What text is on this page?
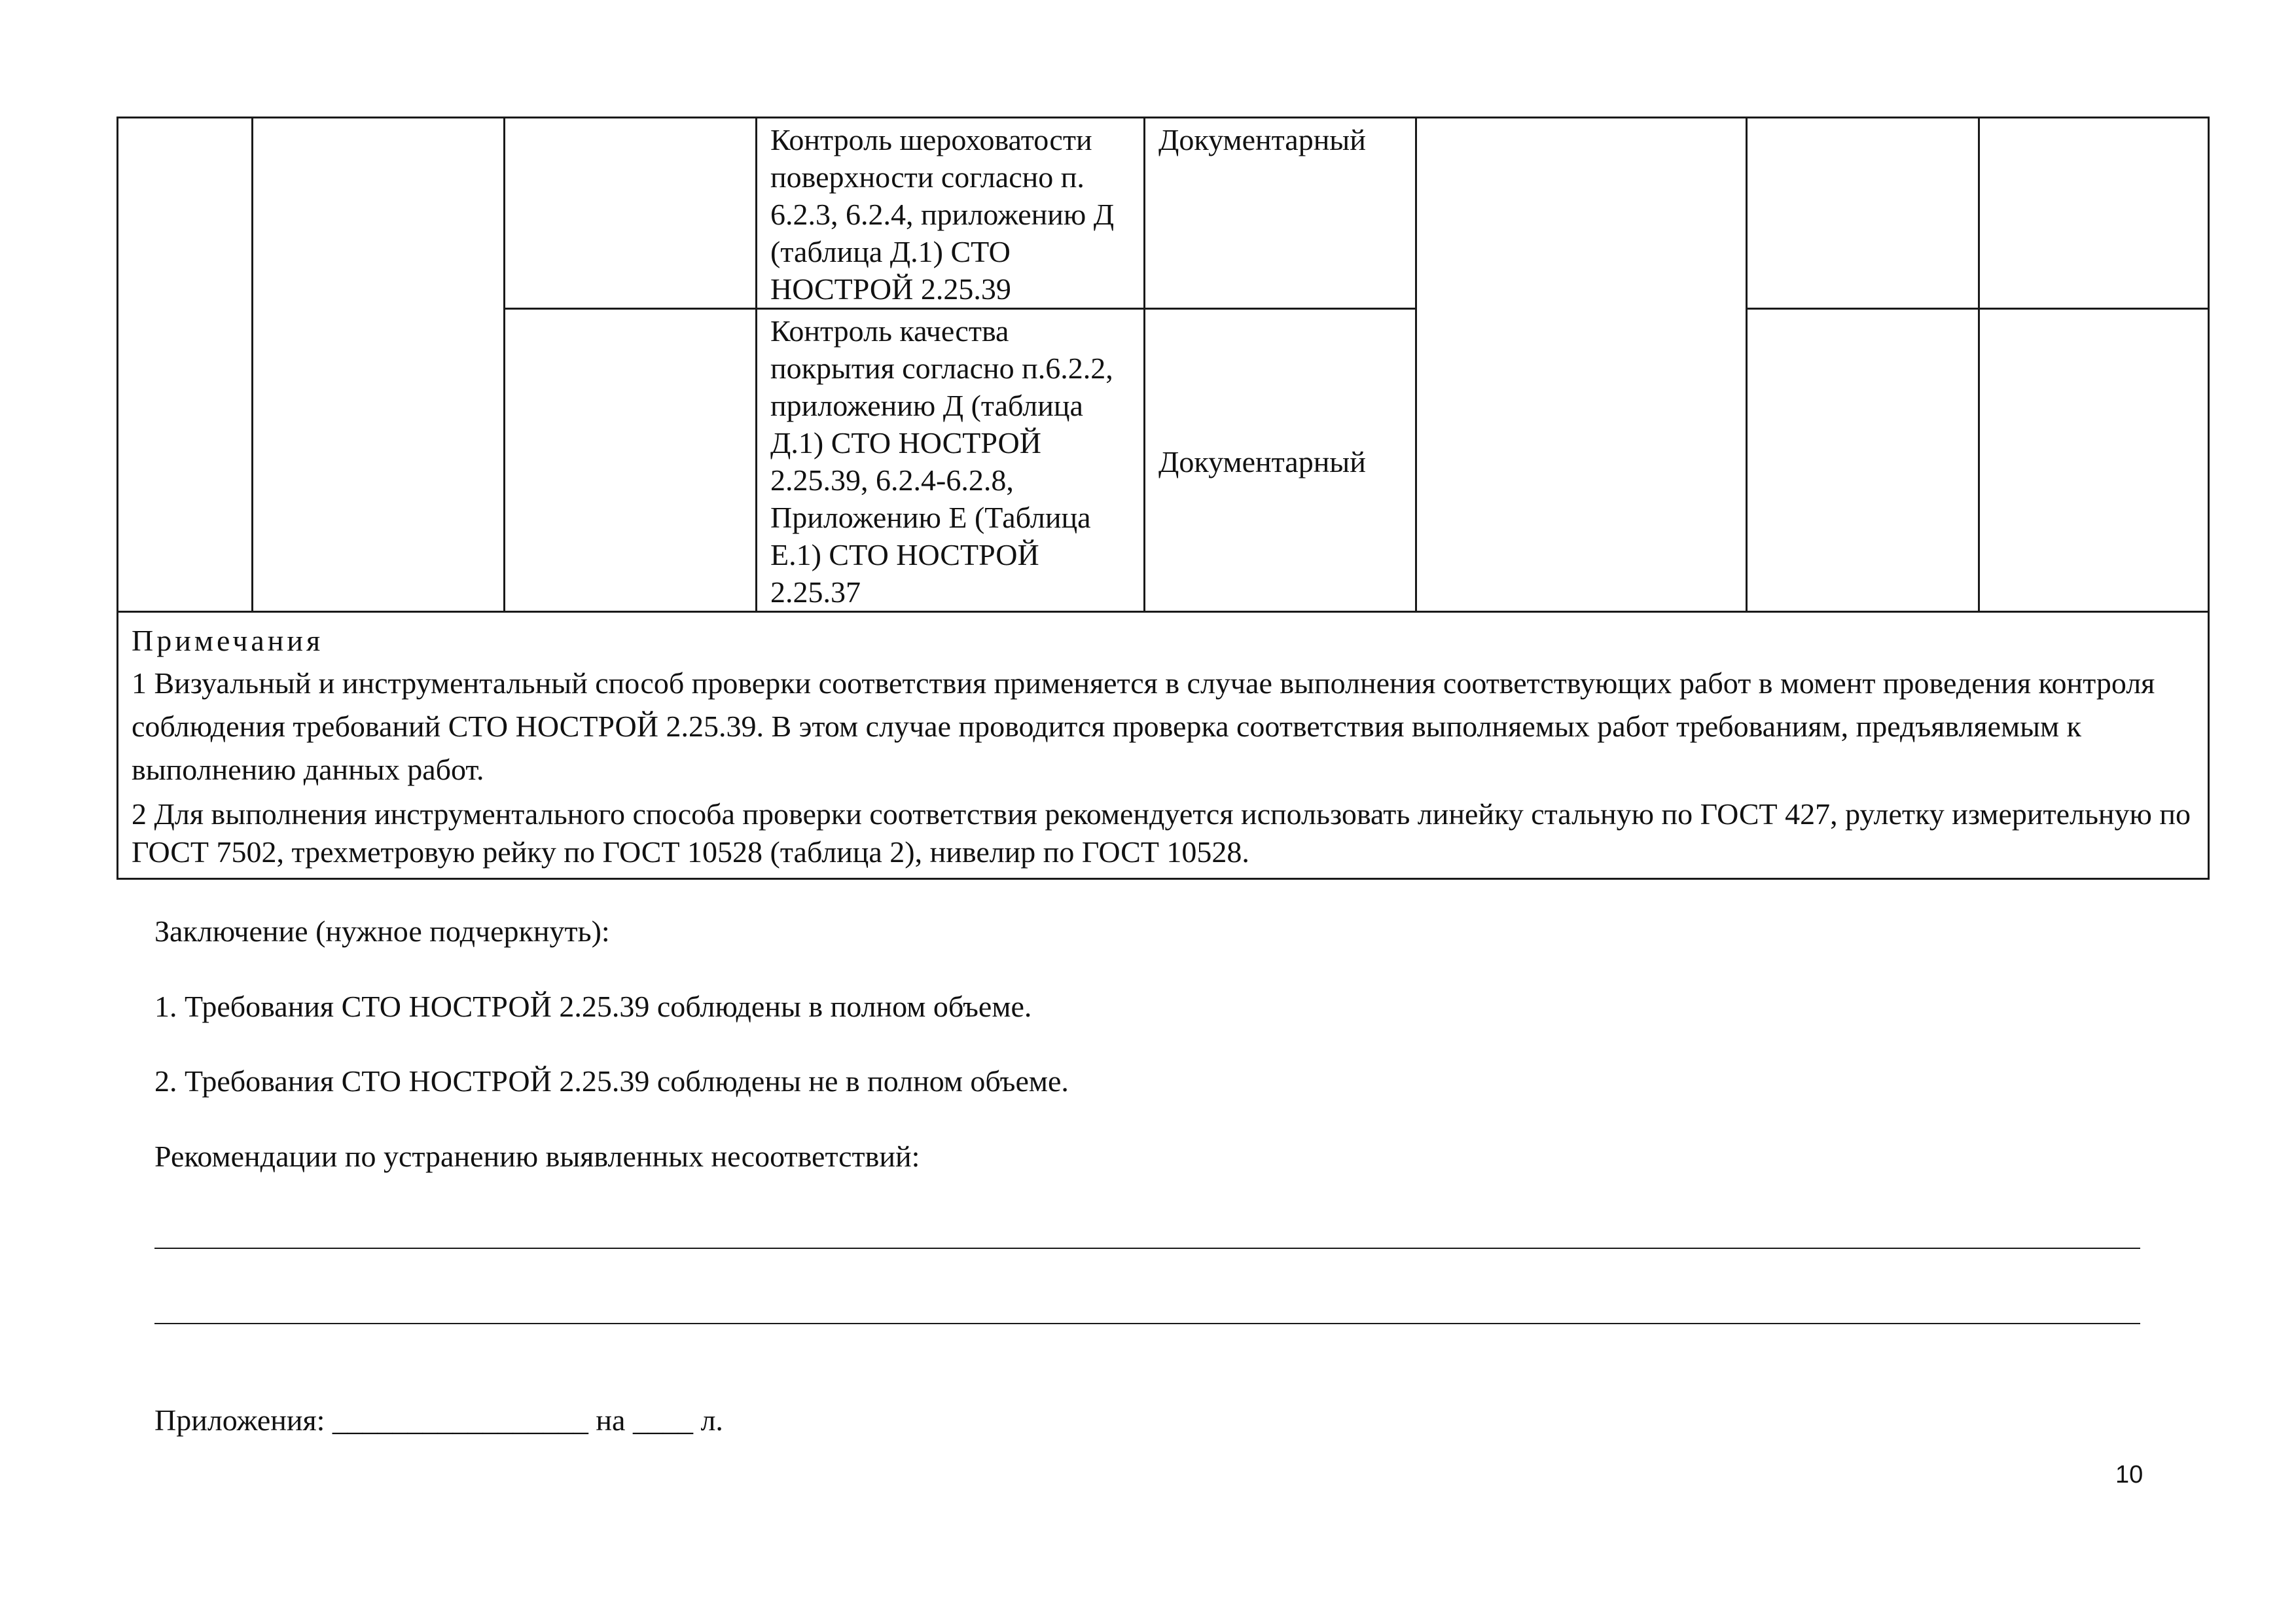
			Контроль шероховатости поверхности согласно п. 6.2.3, 6.2.4, приложению Д (таблица Д.1) СТО НОСТРОЙ 2.25.39	Документарный			
			Контроль качества покрытия согласно п.6.2.2, приложению Д (таблица Д.1) СТО НОСТРОЙ 2.25.39, 6.2.4-6.2.8, Приложению Е (Таблица Е.1) СТО НОСТРОЙ 2.25.37	Документарный			

Примечания

1 Визуальный и инструментальный способ проверки соответствия применяется в случае выполнения соответствующих работ в момент проведения контроля соблюдения требований СТО НОСТРОЙ 2.25.39. В этом случае проводится проверка соответствия выполняемых работ требованиям, предъявляемым к выполнению данных работ.

2 Для выполнения инструментального способа проверки соответствия рекомендуется использовать линейку стальную по ГОСТ 427, рулетку измерительную по ГОСТ 7502, трехметровую рейку по ГОСТ 10528 (таблица 2), нивелир по ГОСТ 10528.							

Заключение (нужное подчеркнуть):
1. Требования СТО НОСТРОЙ 2.25.39 соблюдены в полном объеме.
2. Требования СТО НОСТРОЙ 2.25.39 соблюдены не в полном объеме.
Рекомендации по устранению выявленных несоответствий:
Приложения: _________________ на ____ л.
10
